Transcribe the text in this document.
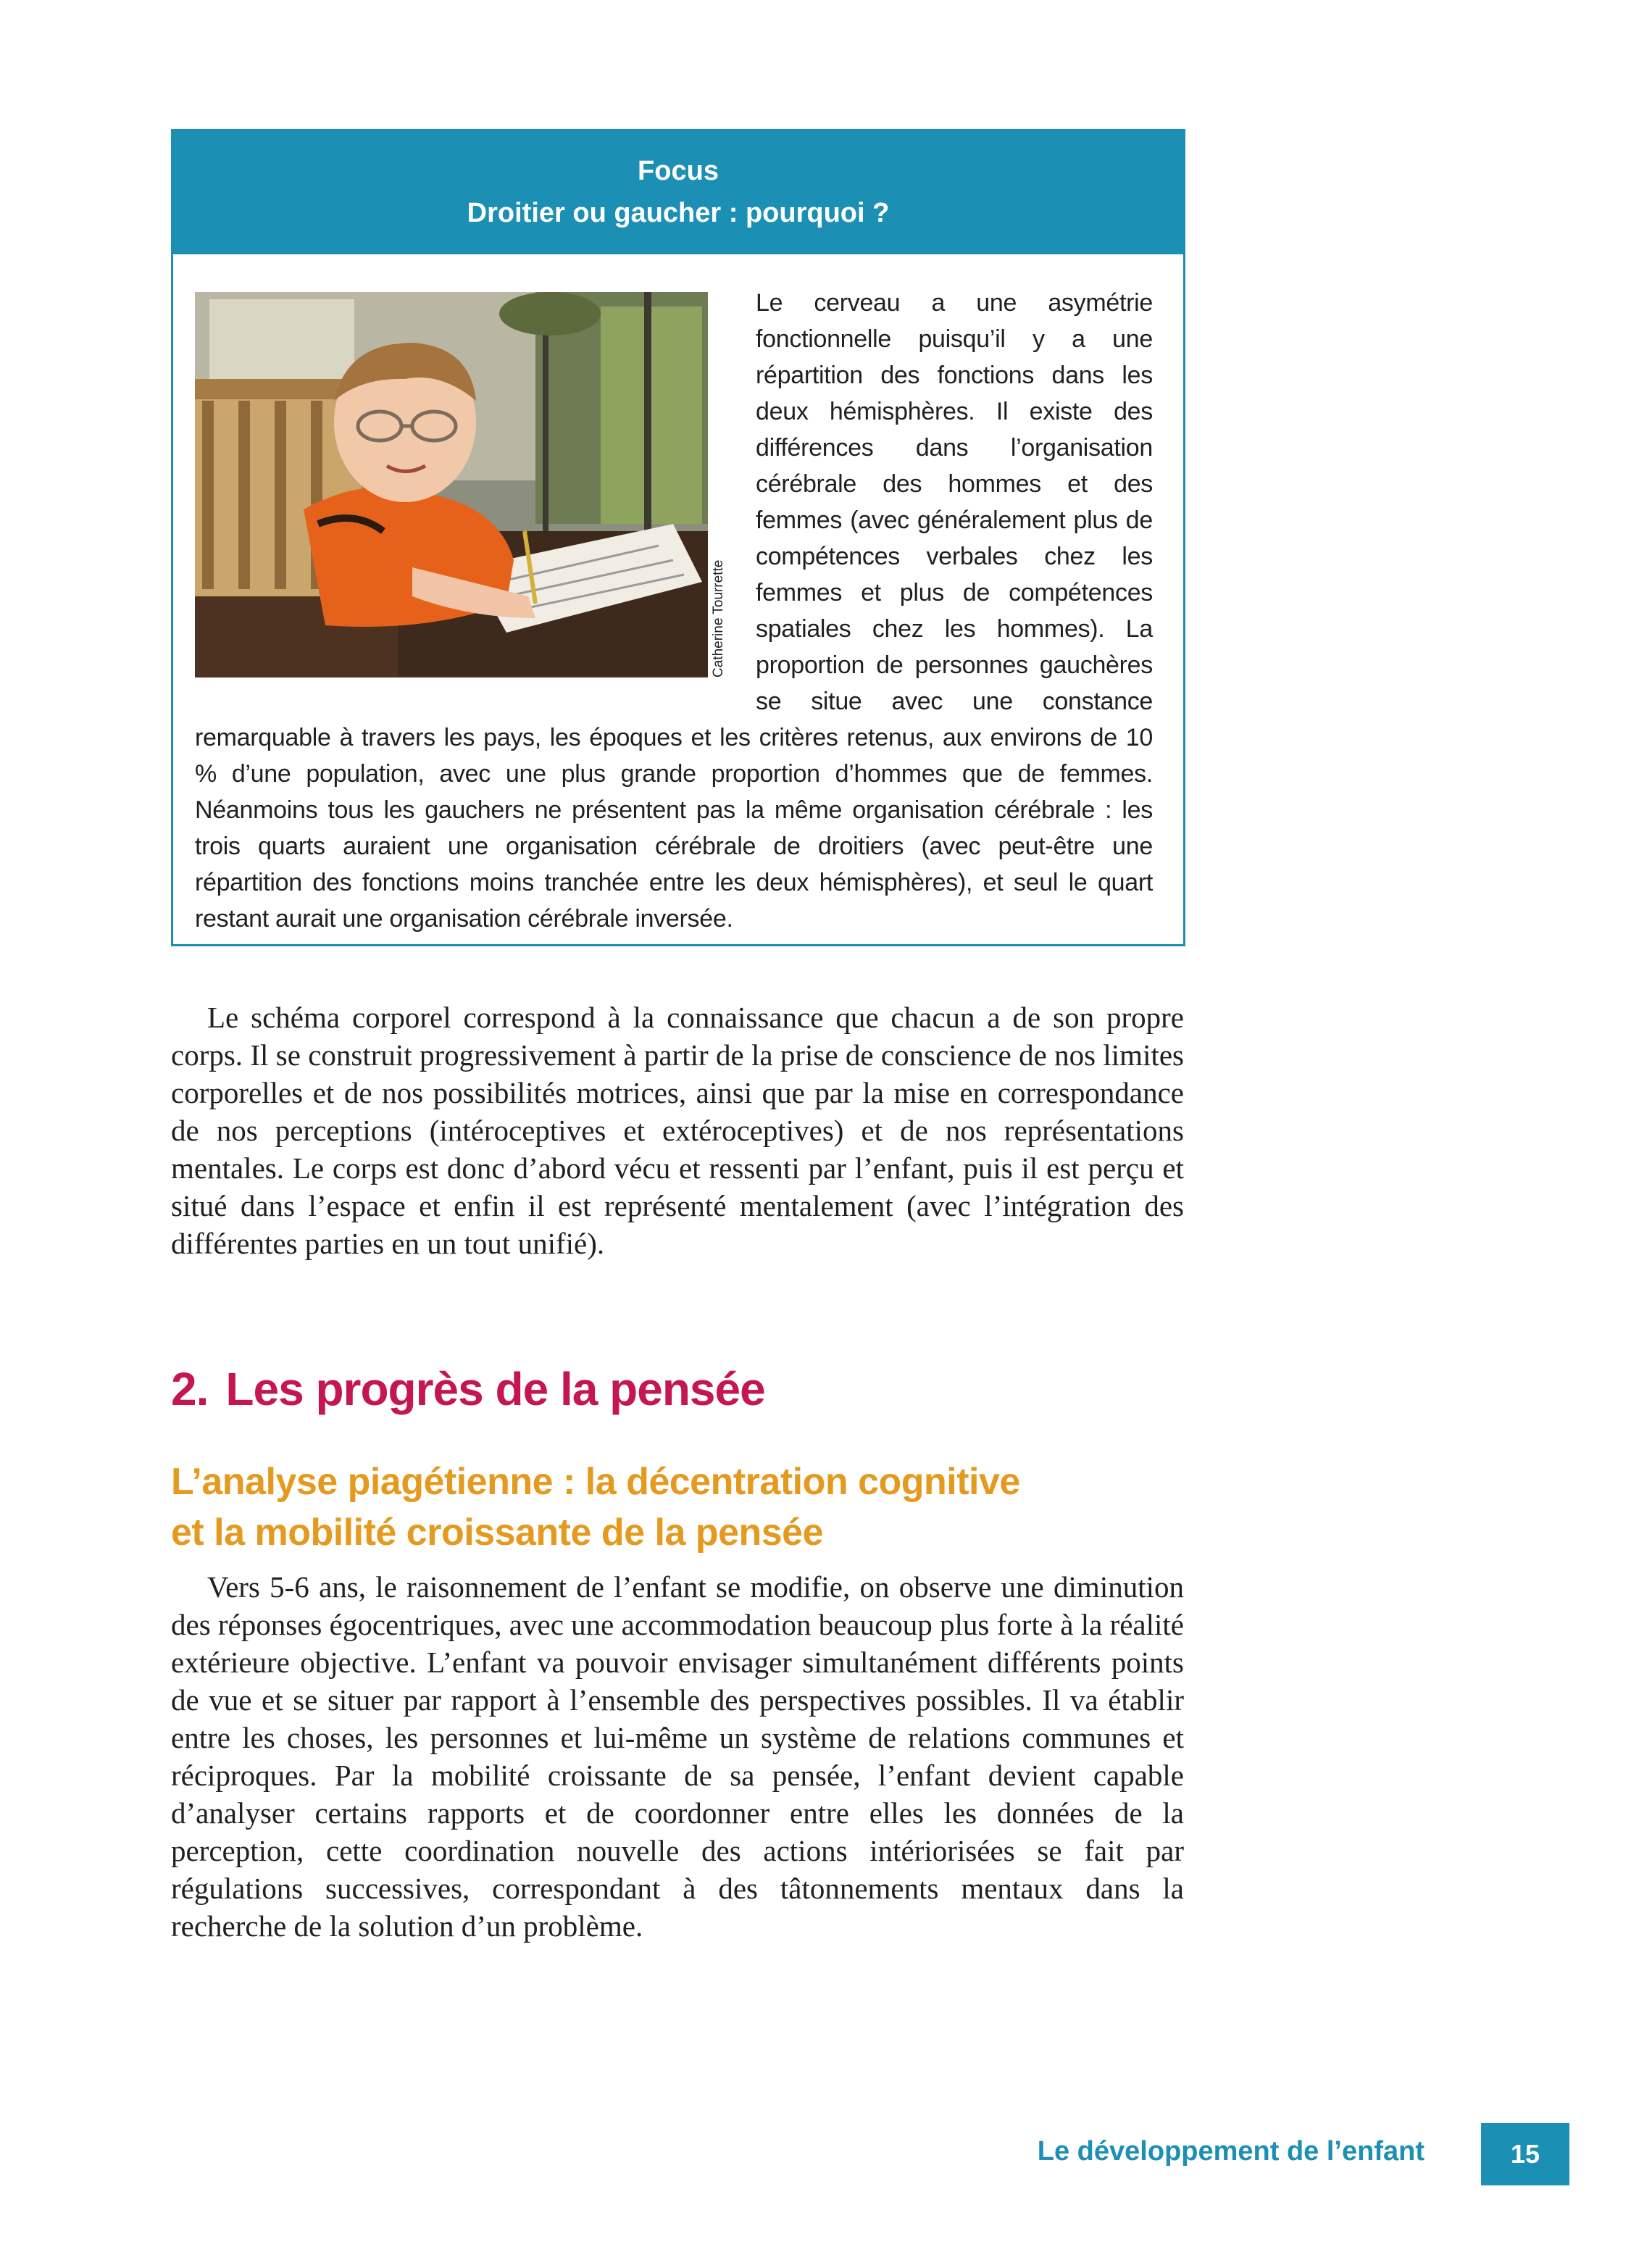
Focus
Droitier ou gaucher : pourquoi ?
Le cerveau a une asymétrie fonctionnelle puisqu’il y a une répartition des fonctions dans les deux hémisphères. Il existe des différences dans l’organisation cérébrale des hommes et des femmes (avec généralement plus de compétences verbales chez les femmes et plus de compétences spatiales chez les hommes). La proportion de personnes gauchères se situe avec une constance remarquable à travers les pays, les époques et les critères retenus, aux environs de 10 % d’une population, avec une plus grande proportion d’hommes que de femmes. Néanmoins tous les gauchers ne présentent pas la même organisation cérébrale : les trois quarts auraient une organisation cérébrale de droitiers (avec peut-être une répartition des fonctions moins tranchée entre les deux hémisphères), et seul le quart restant aurait une organisation cérébrale inversée.
Catherine Tourrette

Le schéma corporel correspond à la connaissance que chacun a de son propre corps. Il se construit progressivement à partir de la prise de conscience de nos limites corporelles et de nos possibilités motrices, ainsi que par la mise en correspondance de nos perceptions (intéroceptives et extéroceptives) et de nos représentations mentales. Le corps est donc d’abord vécu et ressenti par l’enfant, puis il est perçu et situé dans l’espace et enfin il est représenté mentalement (avec l’intégration des différentes parties en un tout unifié).

2. Les progrès de la pensée
L’analyse piagétienne : la décentration cognitive
et la mobilité croissante de la pensée

Vers 5-6 ans, le raisonnement de l’enfant se modifie, on observe une diminution des réponses égocentriques, avec une accommodation beaucoup plus forte à la réalité extérieure objective. L’enfant va pouvoir envisager simultanément différents points de vue et se situer par rapport à l’ensemble des perspectives possibles. Il va établir entre les choses, les personnes et lui-même un système de relations communes et réciproques. Par la mobilité croissante de sa pensée, l’enfant devient capable d’analyser certains rapports et de coordonner entre elles les données de la perception, cette coordination nouvelle des actions intériorisées se fait par régulations successives, correspondant à des tâtonnements mentaux dans la recherche de la solution d’un problème.

Le développement de l’enfant	15
